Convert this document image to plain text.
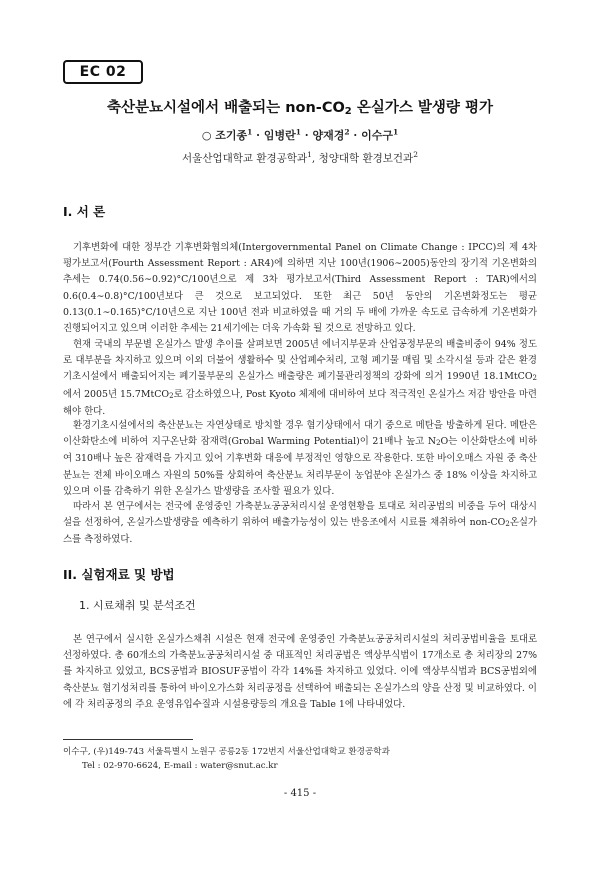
EC 02
축산분뇨시설에서 배출되는 non-$CO_2$ 온실가스 발생량 평가
○ 조기종$^1$ · 임병란$^1$ · 양재경$^2$ · 이수구$^1$
서울산업대학교 환경공학과$^1$, 청양대학 환경보건과$^2$
I. 서 론

기후변화에 대한 정부간 기후변화협의체(Intergovernmental Panel on Climate Change : IPCC)의 제 4차 평가보고서(Fourth Assessment Report : AR4)에 의하면 지난 100년(1906∼2005)동안의 장기적 기온변화의 추세는 0.74(0.56∼0.92)°C/100년으로 제 3차 평가보고서(Third Assessment Report : TAR)에서의 0.6(0.4∼0.8)°C/100년보다 큰 것으로 보고되었다. 또한 최근 50년 동안의 기온변화정도는 평균 0.13(0.1∼0.165)°C/10년으로 지난 100년 전과 비교하였을 때 거의 두 배에 가까운 속도로 급속하게 기온변화가 진행되어지고 있으며 이러한 추세는 21세기에는 더욱 가속화 될 것으로 전망하고 있다.

현재 국내의 부문별 온실가스 발생 추이를 살펴보면 2005년 에너지부문과 산업공정부문의 배출비중이 94% 정도로 대부분을 차지하고 있으며 이외 더불어 생활하수 및 산업폐수처리, 고형 폐기물 매립 및 소각시설 등과 같은 환경기초시설에서 배출되어지는 폐기물부문의 온실가스 배출량은 폐기물관리정책의 강화에 의거 1990년 18.1MtCO$_2$에서 2005년 15.7MtCO$_2$로 감소하였으나, Post Kyoto 체제에 대비하여 보다 적극적인 온실가스 저감 방안을 마련해야 한다.

환경기초시설에서의 축산분뇨는 자연상태로 방치할 경우 혐기상태에서 대기 중으로 메탄을 방출하게 된다. 메탄은 이산화탄소에 비하여 지구온난화 잠재력(Grobal Warming Potential)이 21배나 높고 $N_2O$는 이산화탄소에 비하여 310배나 높은 잠재력을 가지고 있어 기후변화 대응에 부정적인 영향으로 작용한다. 또한 바이오매스 자원 중 축산분뇨는 전체 바이오매스 자원의 50%를 상회하여 축산분뇨 처리부문이 농업분야 온실가스 중 18% 이상을 차지하고 있으며 이를 감축하기 위한 온실가스 발생량을 조사할 필요가 있다.

따라서 본 연구에서는 전국에 운영중인 가축분뇨공공처리시설 운영현황을 토대로 처리공법의 비중을 두어 대상시설을 선정하여, 온실가스발생량을 예측하기 위하여 배출가능성이 있는 반응조에서 시료를 채취하여 non-$CO_2$온실가스를 측정하였다.

II. 실험재료 및 방법
1. 시료채취 및 분석조건

본 연구에서 실시한 온실가스채취 시설은 현재 전국에 운영중인 가축분뇨공공처리시설의 처리공법비율을 토대로 선정하였다. 총 60개소의 가축분뇨공공처리시설 중 대표적인 처리공법은 액상부식법이 17개소로 총 처리장의 27%를 차지하고 있었고, BCS공법과 BIOSUF공법이 각각 14%를 차지하고 있었다. 이에 액상부식법과 BCS공법외에 축산분뇨 혐기성처리를 통하여 바이오가스화 처리공정을 선택하여 배출되는 온실가스의 양을 산정 및 비교하였다. 이에 각 처리공정의 주요 운영유입수질과 시설용량등의 개요을 Table 1에 나타내었다.

이수구, (우)149-743 서울특별시 노원구 공릉2동 172번지 서울산업대학교 환경공학과
Tel : 02-970-6624, E-mail : water@snut.ac.kr
- 415 -
